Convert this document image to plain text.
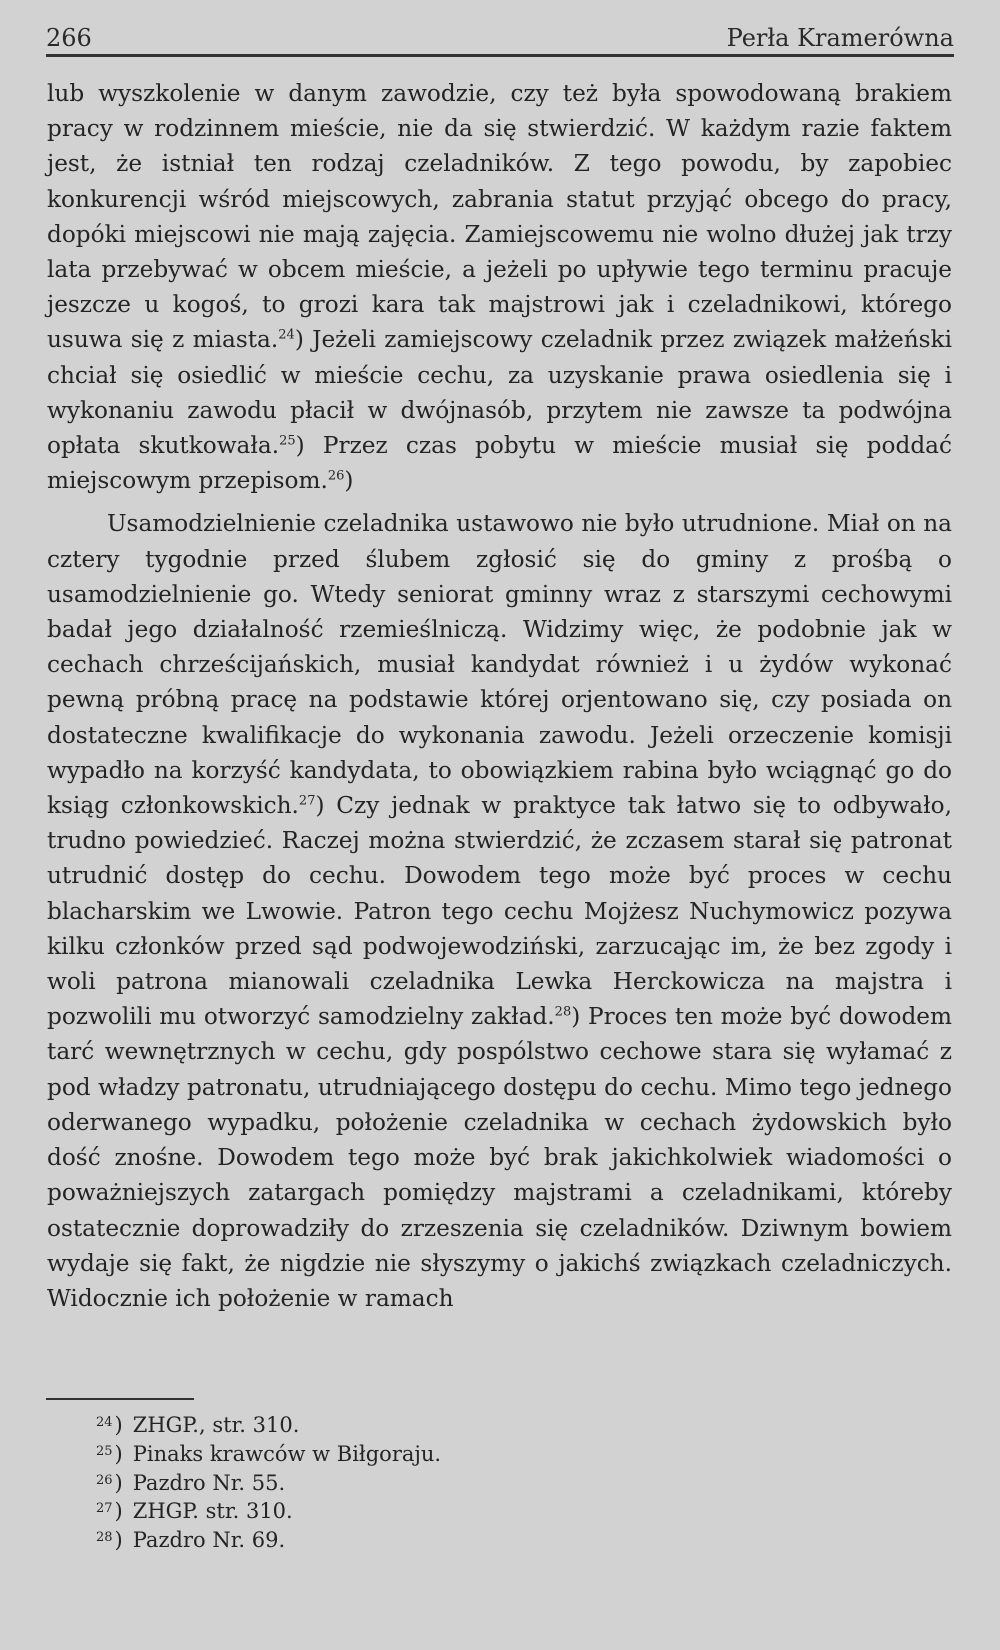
266	Perła Kramerówna

lub wyszkolenie w danym zawodzie, czy też była spowodowaną brakiem pracy w rodzinnem mieście, nie da się stwierdzić. W każdym razie faktem jest, że istniał ten rodzaj czeladników. Z tego powodu, by zapobiec konkurencji wśród miejscowych, zabrania statut przyjąć obcego do pracy, dopóki miejscowi nie mają zajęcia. Zamiejscowemu nie wolno dłużej jak trzy lata przebywać w obcem mieście, a jeżeli po upływie tego terminu pracuje jeszcze u kogoś, to grozi kara tak majstrowi jak i czeladnikowi, którego usuwa się z miasta.$^{24}$) Jeżeli zamiejscowy czeladnik przez związek małżeński chciał się osiedlić w mieście cechu, za uzyskanie prawa osiedlenia się i wykonaniu zawodu płacił w dwójnasób, przytem nie zawsze ta podwójna opłata skutkowała.$^{25}$) Przez czas pobytu w mieście musiał się poddać miejscowym przepisom.$^{26}$)

Usamodzielnienie czeladnika ustawowo nie było utrudnione. Miał on na cztery tygodnie przed ślubem zgłosić się do gminy z prośbą o usamodzielnienie go. Wtedy seniorat gminny wraz z starszymi cechowymi badał jego działalność rzemieślniczą. Widzimy więc, że podobnie jak w cechach chrześcijańskich, musiał kandydat również i u żydów wykonać pewną próbną pracę na podstawie której orjentowano się, czy posiada on dostateczne kwalifikacje do wykonania zawodu. Jeżeli orzeczenie komisji wypadło na korzyść kandydata, to obowiązkiem rabina było wciągnąć go do ksiąg członkowskich.$^{27}$) Czy jednak w praktyce tak łatwo się to odbywało, trudno powiedzieć. Raczej można stwierdzić, że zczasem starał się patronat utrudnić dostęp do cechu. Dowodem tego może być proces w cechu blacharskim we Lwowie. Patron tego cechu Mojżesz Nuchymowicz pozywa kilku członków przed sąd podwojewodziński, zarzucając im, że bez zgody i woli patrona mianowali czeladnika Lewka Herckowicza na majstra i pozwolili mu otworzyć samodzielny zakład.$^{28}$) Proces ten może być dowodem tarć wewnętrznych w cechu, gdy pospólstwo cechowe stara się wyłamać z pod władzy patronatu, utrudniającego dostępu do cechu. Mimo tego jednego oderwanego wypadku, położenie czeladnika w cechach żydowskich było dość znośne. Dowodem tego może być brak jakichkolwiek wiadomości o poważniejszych zatargach pomiędzy majstrami a czeladnikami, któreby ostatecznie doprowadziły do zrzeszenia się czeladników. Dziwnym bowiem wydaje się fakt, że nigdzie nie słyszymy o jakichś związkach czeladniczych. Widocznie ich położenie w ramach

24 ) ZHGP., str. 310.
25 ) Pinaks krawców w Biłgoraju.
26 ) Pazdro Nr. 55.
27 ) ZHGP. str. 310.
28 ) Pazdro Nr. 69.
